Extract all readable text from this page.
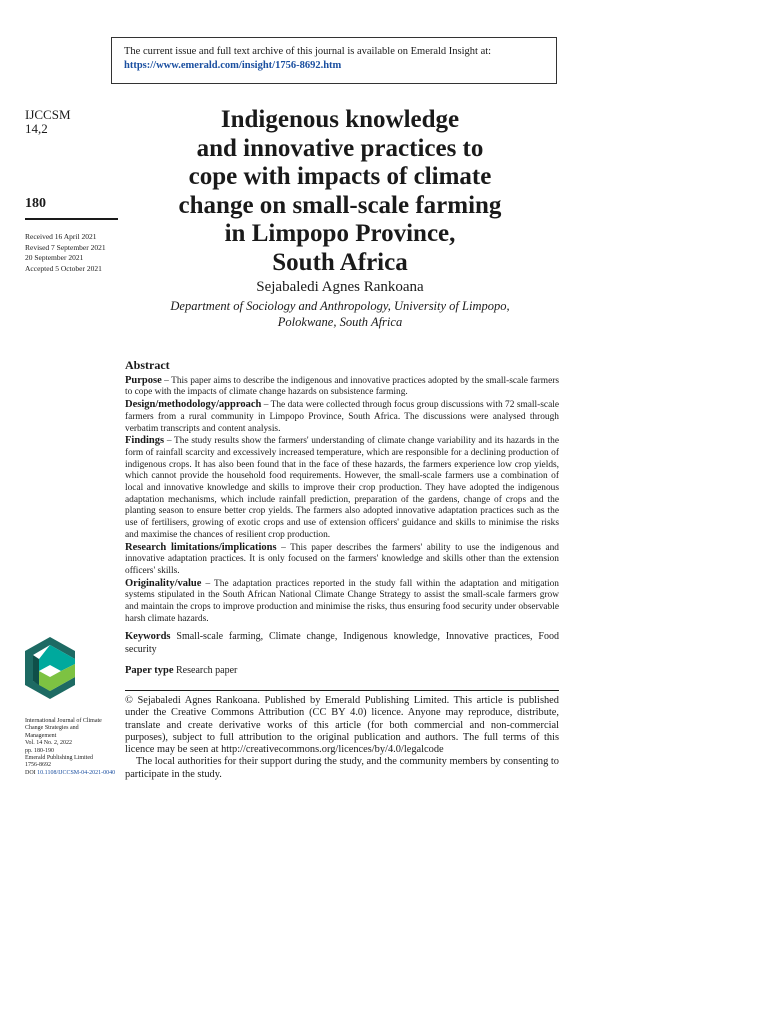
The current issue and full text archive of this journal is available on Emerald Insight at:
https://www.emerald.com/insight/1756-8692.htm
IJCCSM
14,2
180
Received 16 April 2021
Revised 7 September 2021
20 September 2021
Accepted 5 October 2021
Indigenous knowledge
and innovative practices to
cope with impacts of climate
change on small-scale farming
in Limpopo Province,
South Africa
Sejabaledi Agnes Rankoana
Department of Sociology and Anthropology, University of Limpopo,
Polokwane, South Africa
Abstract

Purpose – This paper aims to describe the indigenous and innovative practices adopted by the small-scale farmers to cope with the impacts of climate change hazards on subsistence farming.

Design/methodology/approach – The data were collected through focus group discussions with 72 small-scale farmers from a rural community in Limpopo Province, South Africa. The discussions were analysed through verbatim transcripts and content analysis.

Findings – The study results show the farmers' understanding of climate change variability and its hazards in the form of rainfall scarcity and excessively increased temperature, which are responsible for a declining production of indigenous crops. It has also been found that in the face of these hazards, the farmers experience low crop yields, which cannot provide the household food requirements. However, the small-scale farmers use a combination of local and innovative knowledge and skills to improve their crop production. They have adopted the indigenous adaptation mechanisms, which include rainfall prediction, preparation of the gardens, change of crops and the planting season to ensure better crop yields. The farmers also adopted innovative adaptation practices such as the use of fertilisers, growing of exotic crops and use of extension officers' guidance and skills to minimise the risks and maximise the chances of resilient crop production.

Research limitations/implications – This paper describes the farmers' ability to use the indigenous and innovative adaptation practices. It is only focused on the farmers' knowledge and skills other than the extension officers' skills.

Originality/value – The adaptation practices reported in the study fall within the adaptation and mitigation systems stipulated in the South African National Climate Change Strategy to assist the small-scale farmers grow and maintain the crops to improve production and minimise the risks, thus ensuring food security under observable harsh climate hazards.

Keywords Small-scale farming, Climate change, Indigenous knowledge, Innovative practices, Food security

Paper type Research paper

International Journal of Climate
Change Strategies and
Management
Vol. 14 No. 2, 2022
pp. 180-190
Emerald Publishing Limited
1756-8692
DOI 10.1108/IJCCSM-04-2021-0040

© Sejabaledi Agnes Rankoana. Published by Emerald Publishing Limited. This article is published under the Creative Commons Attribution (CC BY 4.0) licence. Anyone may reproduce, distribute, translate and create derivative works of this article (for both commercial and non-commercial purposes), subject to full attribution to the original publication and authors. The full terms of this licence may be seen at http://creativecommons.org/licences/by/4.0/legalcode

The local authorities for their support during the study, and the community members by consenting to participate in the study.
